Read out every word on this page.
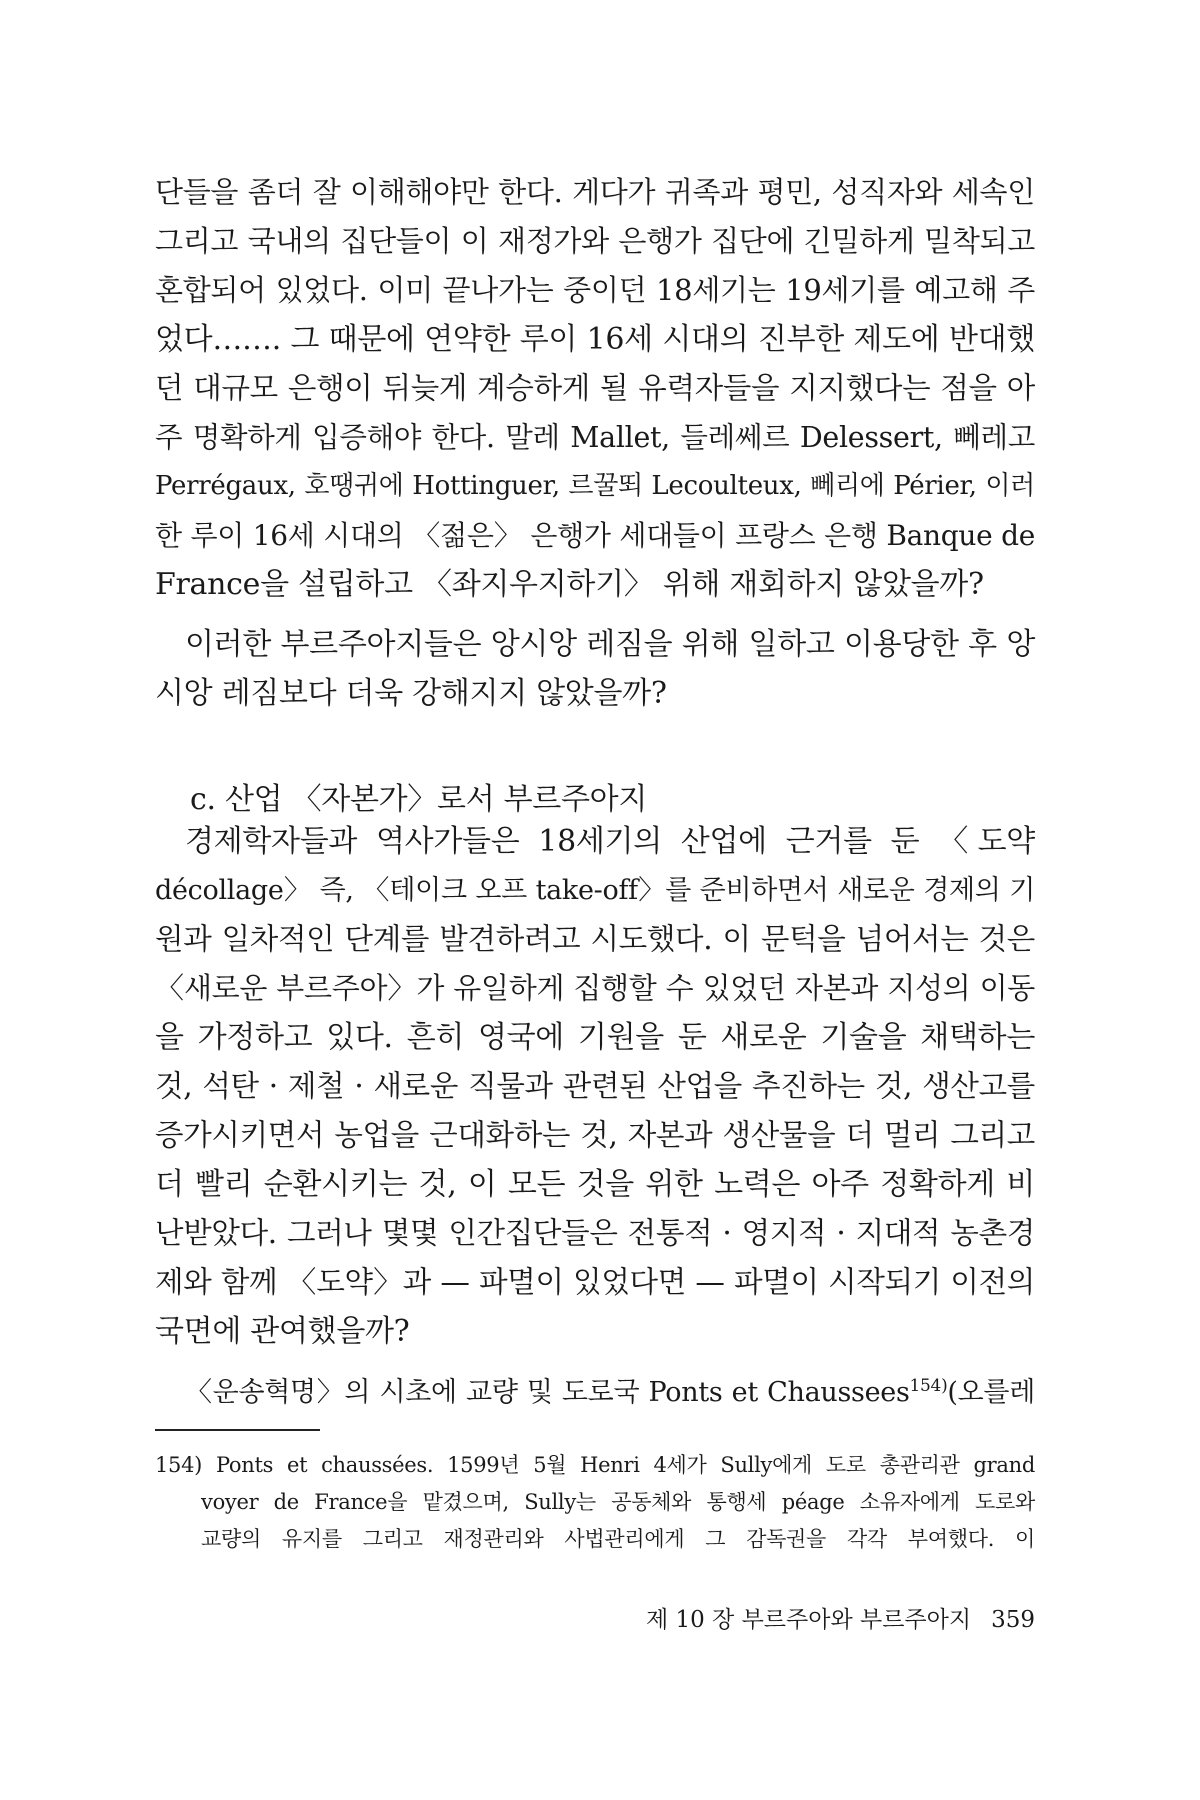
단들을 좀더 잘 이해해야만 한다. 게다가 귀족과 평민, 성직자와 세속인
그리고 국내의 집단들이 이 재정가와 은행가 집단에 긴밀하게 밀착되고
혼합되어 있었다. 이미 끝나가는 중이던 18세기는 19세기를 예고해 주
었다……. 그 때문에 연약한 루이 16세 시대의 진부한 제도에 반대했
던 대규모 은행이 뒤늦게 계승하게 될 유력자들을 지지했다는 점을 아
주 명확하게 입증해야 한다. 말레 Mallet, 들레쎄르 Delessert, 뻬레고
Perrégaux, 호땡귀에 Hottinguer, 르꿀뙤 Lecoulteux, 뻬리에 Périer, 이러
한 루이 16세 시대의 〈젊은〉 은행가 세대들이 프랑스 은행 Banque de
France을 설립하고 〈좌지우지하기〉 위해 재회하지 않았을까?
이러한 부르주아지들은 앙시앙 레짐을 위해 일하고 이용당한 후 앙
시앙 레짐보다 더욱 강해지지 않았을까?
c. 산업 〈자본가〉로서 부르주아지
경제학자들과 역사가들은 18세기의 산업에 근거를 둔 〈도약
décollage〉 즉, 〈테이크 오프 take-off〉를 준비하면서 새로운 경제의 기
원과 일차적인 단계를 발견하려고 시도했다. 이 문턱을 넘어서는 것은
〈새로운 부르주아〉가 유일하게 집행할 수 있었던 자본과 지성의 이동
을 가정하고 있다. 흔히 영국에 기원을 둔 새로운 기술을 채택하는
것, 석탄 · 제철 · 새로운 직물과 관련된 산업을 추진하는 것, 생산고를
증가시키면서 농업을 근대화하는 것, 자본과 생산물을 더 멀리 그리고
더 빨리 순환시키는 것, 이 모든 것을 위한 노력은 아주 정확하게 비
난받았다. 그러나 몇몇 인간집단들은 전통적 · 영지적 · 지대적 농촌경
제와 함께 〈도약〉과 — 파멸이 있었다면 — 파멸이 시작되기 이전의
국면에 관여했을까?
〈운송혁명〉의 시초에 교량 및 도로국 Ponts et Chaussees$^{154)}$(오를레
154) Ponts et chaussées. 1599년 5월 Henri 4세가 Sully에게 도로 총관리관 grand
voyer de France을 맡겼으며, Sully는 공동체와 통행세 péage 소유자에게 도로와
교량의 유지를 그리고 재정관리와 사법관리에게 그 감독권을 각각 부여했다. 이
제 10 장 부르주아와 부르주아지 359
